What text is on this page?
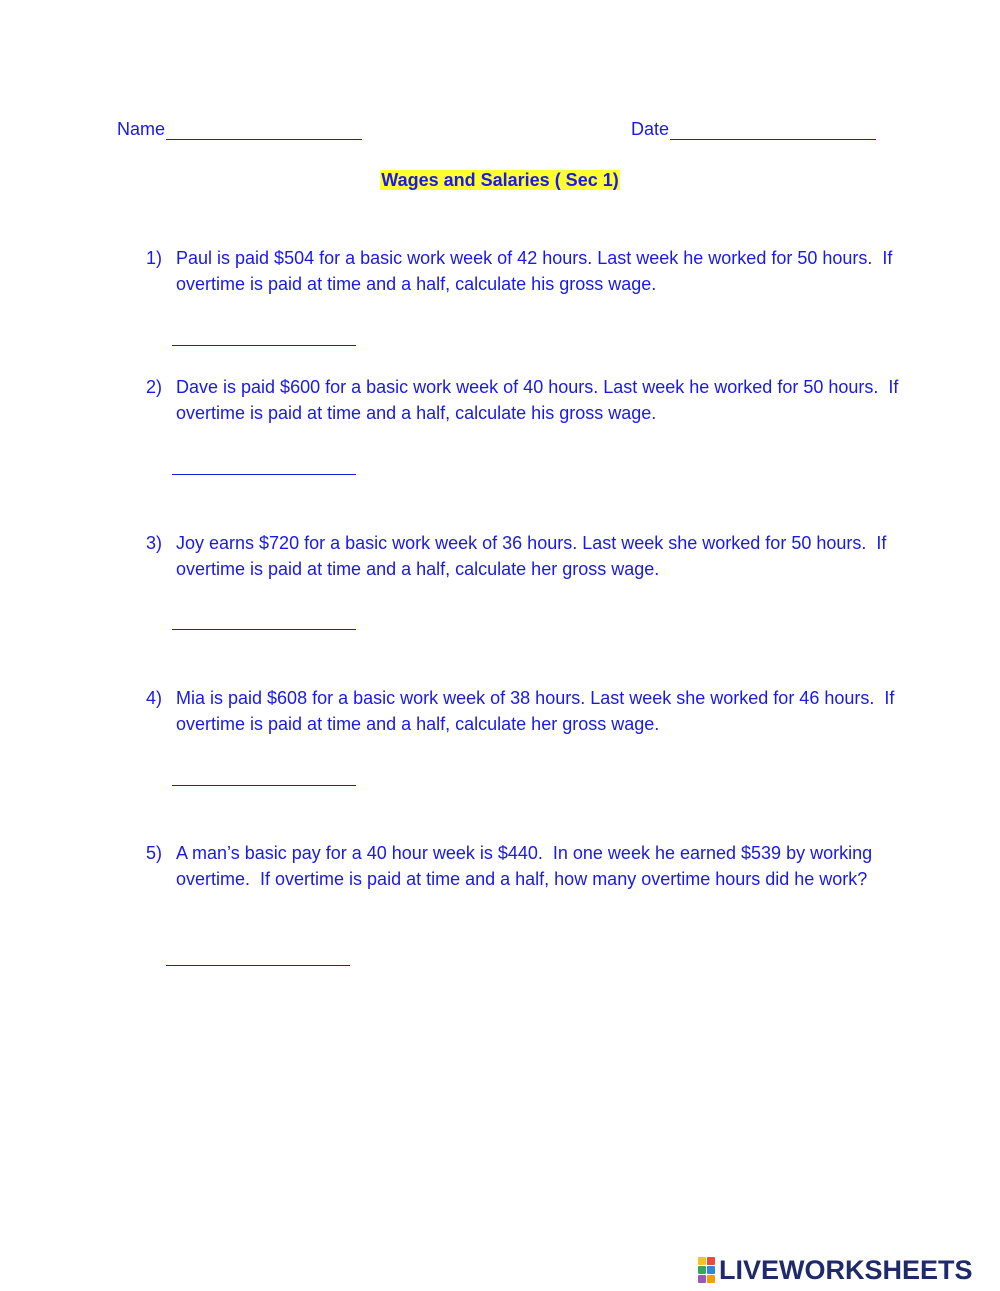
Name	Date
Wages and Salaries ( Sec 1)
1) Paul is paid $504 for a basic work week of 42 hours. Last week he worked for 50 hours.  If overtime is paid at time and a half, calculate his gross wage.
2) Dave is paid $600 for a basic work week of 40 hours. Last week he worked for 50 hours.  If overtime is paid at time and a half, calculate his gross wage.
3) Joy earns $720 for a basic work week of 36 hours. Last week she worked for 50 hours.  If overtime is paid at time and a half, calculate her gross wage.
4) Mia is paid $608 for a basic work week of 38 hours. Last week she worked for 46 hours.  If overtime is paid at time and a half, calculate her gross wage.
5) A man’s basic pay for a 40 hour week is $440.  In one week he earned $539 by working overtime.  If overtime is paid at time and a half, how many overtime hours did he work?
LIVEWORKSHEETS
